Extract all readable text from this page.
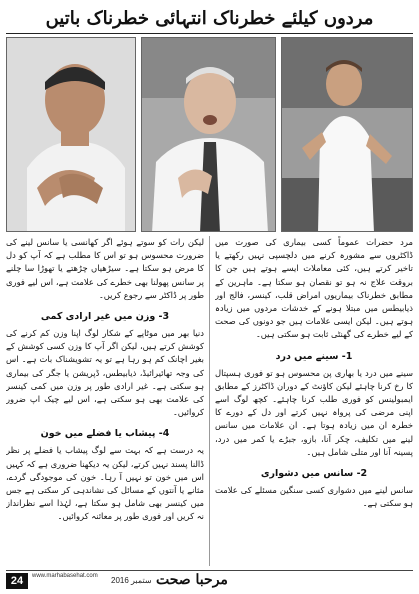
مردوں کیلئے خطرناک انتہائی خطرناک باتیں

مرد حضرات عموماً کسی بیماری کی صورت میں ڈاکٹروں سے مشورہ کرنے میں دلچسپی نہیں رکھتے یا تاخیر کرتے ہیں، کئی معاملات ایسے ہوتے ہیں جن کا بروقت علاج نہ ہو تو نقصان ہو سکتا ہے۔ ماہرین کے مطابق خطرناک بیماریوں امراض قلب، کینسر، فالج اور ذیابیطس میں مبتلا ہونے کے خدشات مردوں میں زیادہ ہوتے ہیں۔ لیکن ایسی علامات ہیں جو دونوں کی صحت کے لیے خطرے کی گھنٹی ثابت ہو سکتی ہیں۔

1- سینے میں درد

سینے میں درد یا بھاری پن محسوس ہو تو فوری ہسپتال کا رخ کرنا چاہئے لیکن کاؤنٹ کے دوران ڈاکٹرز کے مطابق ایمبولینس کو فوری طلب کرنا چاہئے۔ کچھ لوگ اسے اپنی مرضی کی پرواہ نہیں کرتے اور دل کے دورے کا خطرہ ان میں زیادہ ہوتا ہے۔ ان علامات میں سانس لینے میں تکلیف، چکر آنا، بازو، جبڑے یا کمر میں درد، پسینہ آنا اور متلی شامل ہیں۔

2- سانس میں دشواری

سانس لینے میں دشواری کسی سنگین مسئلے کی علامت ہو سکتی ہے۔

لیکن رات کو سوتے ہوئے اگر کھانسی یا سانس لینے کی ضرورت محسوس ہو تو اس کا مطلب ہے کہ آپ کو دل کا مرض ہو سکتا ہے۔ سیڑھیاں چڑھتے یا تھوڑا سا چلنے پر سانس پھولنا بھی خطرے کی علامت ہے، اس لیے فوری طور پر ڈاکٹر سے رجوع کریں۔

3- وزن میں غیر ارادی کمی

دنیا بھر میں موٹاپے کے شکار لوگ اپنا وزن کم کرنے کی کوشش کرتے ہیں، لیکن اگر آپ کا وزن کسی کوشش کے بغیر اچانک کم ہو رہا ہے تو یہ تشویشناک بات ہے۔ اس کی وجہ تھائیرائیڈ، ذیابیطس، ڈپریشن یا جگر کی بیماری ہو سکتی ہے۔ غیر ارادی طور پر وزن میں کمی کینسر کی علامت بھی ہو سکتی ہے، اس لیے چیک اپ ضرور کروائیں۔

4- پیشاب یا فضلے میں خون

یہ درست ہے کہ بہت سے لوگ پیشاب یا فضلے پر نظر ڈالنا پسند نہیں کرتے، لیکن یہ دیکھنا ضروری ہے کہ کہیں اس میں خون تو نہیں آ رہا۔ خون کی موجودگی گردے، مثانے یا آنتوں کے مسائل کی نشاندہی کر سکتی ہے جس میں کینسر بھی شامل ہو سکتا ہے، لہٰذا اسے نظرانداز نہ کریں اور فوری طور پر معائنہ کروائیں۔

24	www.marhabasehat.com ستمبر 2016 مرحبا صحت
